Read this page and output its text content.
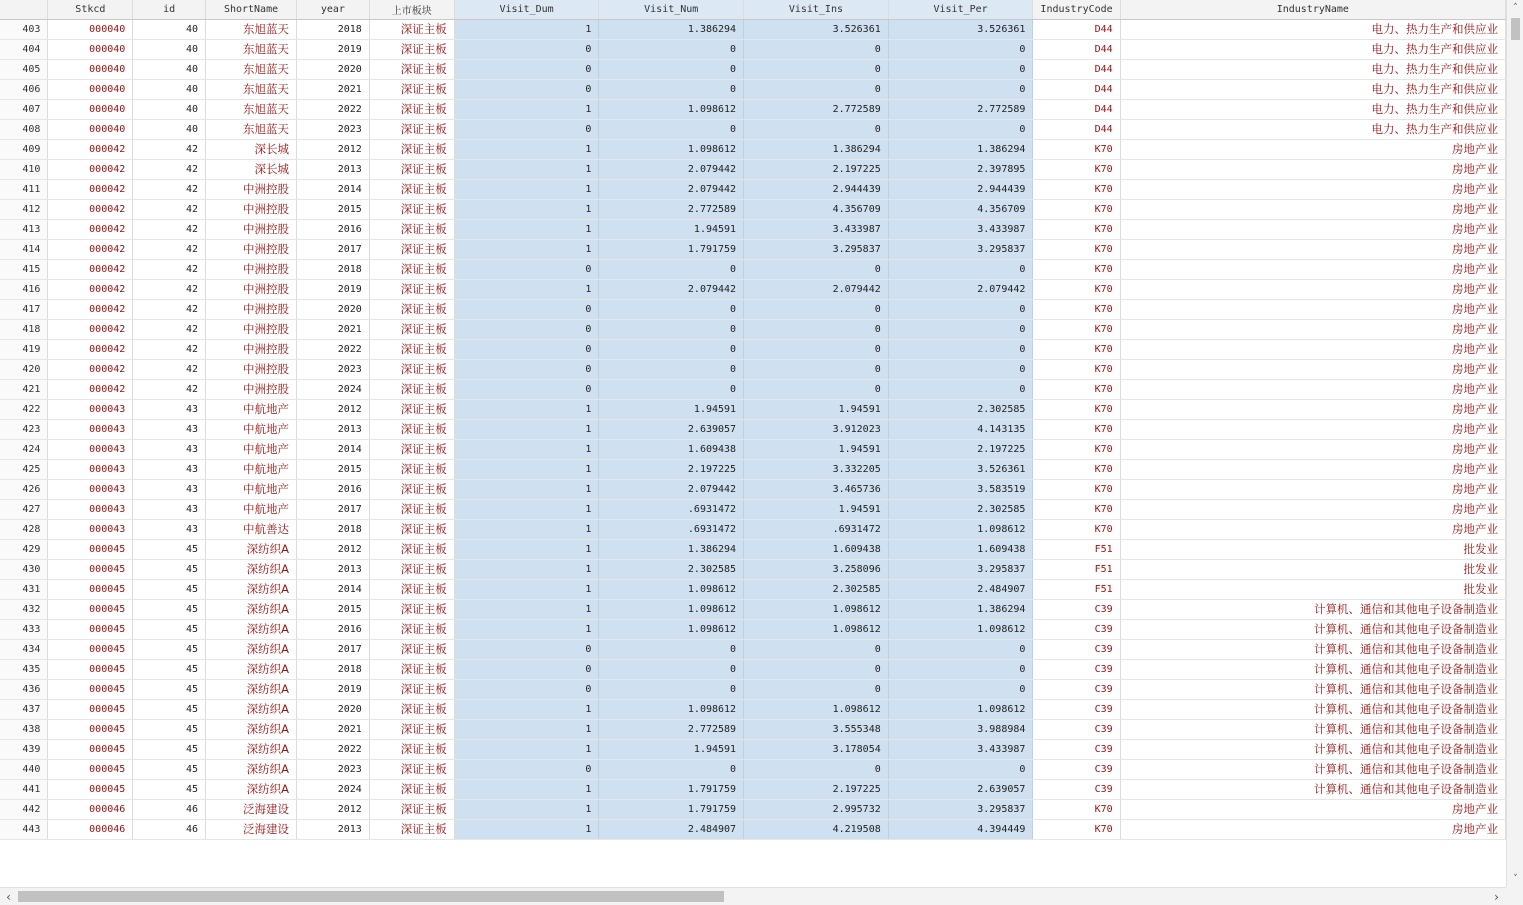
	Stkcd	id	ShortName	year	上市板块	Visit_Dum	Visit_Num	Visit_Ins	Visit_Per	IndustryCode	IndustryName
403	000040	40	东旭蓝天	2018	深证主板	1	1.386294	3.526361	3.526361	D44	电力、热力生产和供应业
404	000040	40	东旭蓝天	2019	深证主板	0	0	0	0	D44	电力、热力生产和供应业
405	000040	40	东旭蓝天	2020	深证主板	0	0	0	0	D44	电力、热力生产和供应业
406	000040	40	东旭蓝天	2021	深证主板	0	0	0	0	D44	电力、热力生产和供应业
407	000040	40	东旭蓝天	2022	深证主板	1	1.098612	2.772589	2.772589	D44	电力、热力生产和供应业
408	000040	40	东旭蓝天	2023	深证主板	0	0	0	0	D44	电力、热力生产和供应业
409	000042	42	深长城	2012	深证主板	1	1.098612	1.386294	1.386294	K70	房地产业
410	000042	42	深长城	2013	深证主板	1	2.079442	2.197225	2.397895	K70	房地产业
411	000042	42	中洲控股	2014	深证主板	1	2.079442	2.944439	2.944439	K70	房地产业
412	000042	42	中洲控股	2015	深证主板	1	2.772589	4.356709	4.356709	K70	房地产业
413	000042	42	中洲控股	2016	深证主板	1	1.94591	3.433987	3.433987	K70	房地产业
414	000042	42	中洲控股	2017	深证主板	1	1.791759	3.295837	3.295837	K70	房地产业
415	000042	42	中洲控股	2018	深证主板	0	0	0	0	K70	房地产业
416	000042	42	中洲控股	2019	深证主板	1	2.079442	2.079442	2.079442	K70	房地产业
417	000042	42	中洲控股	2020	深证主板	0	0	0	0	K70	房地产业
418	000042	42	中洲控股	2021	深证主板	0	0	0	0	K70	房地产业
419	000042	42	中洲控股	2022	深证主板	0	0	0	0	K70	房地产业
420	000042	42	中洲控股	2023	深证主板	0	0	0	0	K70	房地产业
421	000042	42	中洲控股	2024	深证主板	0	0	0	0	K70	房地产业
422	000043	43	中航地产	2012	深证主板	1	1.94591	1.94591	2.302585	K70	房地产业
423	000043	43	中航地产	2013	深证主板	1	2.639057	3.912023	4.143135	K70	房地产业
424	000043	43	中航地产	2014	深证主板	1	1.609438	1.94591	2.197225	K70	房地产业
425	000043	43	中航地产	2015	深证主板	1	2.197225	3.332205	3.526361	K70	房地产业
426	000043	43	中航地产	2016	深证主板	1	2.079442	3.465736	3.583519	K70	房地产业
427	000043	43	中航地产	2017	深证主板	1	.6931472	1.94591	2.302585	K70	房地产业
428	000043	43	中航善达	2018	深证主板	1	.6931472	.6931472	1.098612	K70	房地产业
429	000045	45	深纺织A	2012	深证主板	1	1.386294	1.609438	1.609438	F51	批发业
430	000045	45	深纺织A	2013	深证主板	1	2.302585	3.258096	3.295837	F51	批发业
431	000045	45	深纺织A	2014	深证主板	1	1.098612	2.302585	2.484907	F51	批发业
432	000045	45	深纺织A	2015	深证主板	1	1.098612	1.098612	1.386294	C39	计算机、通信和其他电子设备制造业
433	000045	45	深纺织A	2016	深证主板	1	1.098612	1.098612	1.098612	C39	计算机、通信和其他电子设备制造业
434	000045	45	深纺织A	2017	深证主板	0	0	0	0	C39	计算机、通信和其他电子设备制造业
435	000045	45	深纺织A	2018	深证主板	0	0	0	0	C39	计算机、通信和其他电子设备制造业
436	000045	45	深纺织A	2019	深证主板	0	0	0	0	C39	计算机、通信和其他电子设备制造业
437	000045	45	深纺织A	2020	深证主板	1	1.098612	1.098612	1.098612	C39	计算机、通信和其他电子设备制造业
438	000045	45	深纺织A	2021	深证主板	1	2.772589	3.555348	3.988984	C39	计算机、通信和其他电子设备制造业
439	000045	45	深纺织A	2022	深证主板	1	1.94591	3.178054	3.433987	C39	计算机、通信和其他电子设备制造业
440	000045	45	深纺织A	2023	深证主板	0	0	0	0	C39	计算机、通信和其他电子设备制造业
441	000045	45	深纺织A	2024	深证主板	1	1.791759	2.197225	2.639057	C39	计算机、通信和其他电子设备制造业
442	000046	46	泛海建设	2012	深证主板	1	1.791759	2.995732	3.295837	K70	房地产业
443	000046	46	泛海建设	2013	深证主板	1	2.484907	4.219508	4.394449	K70	房地产业
˄
˅
‹	›
